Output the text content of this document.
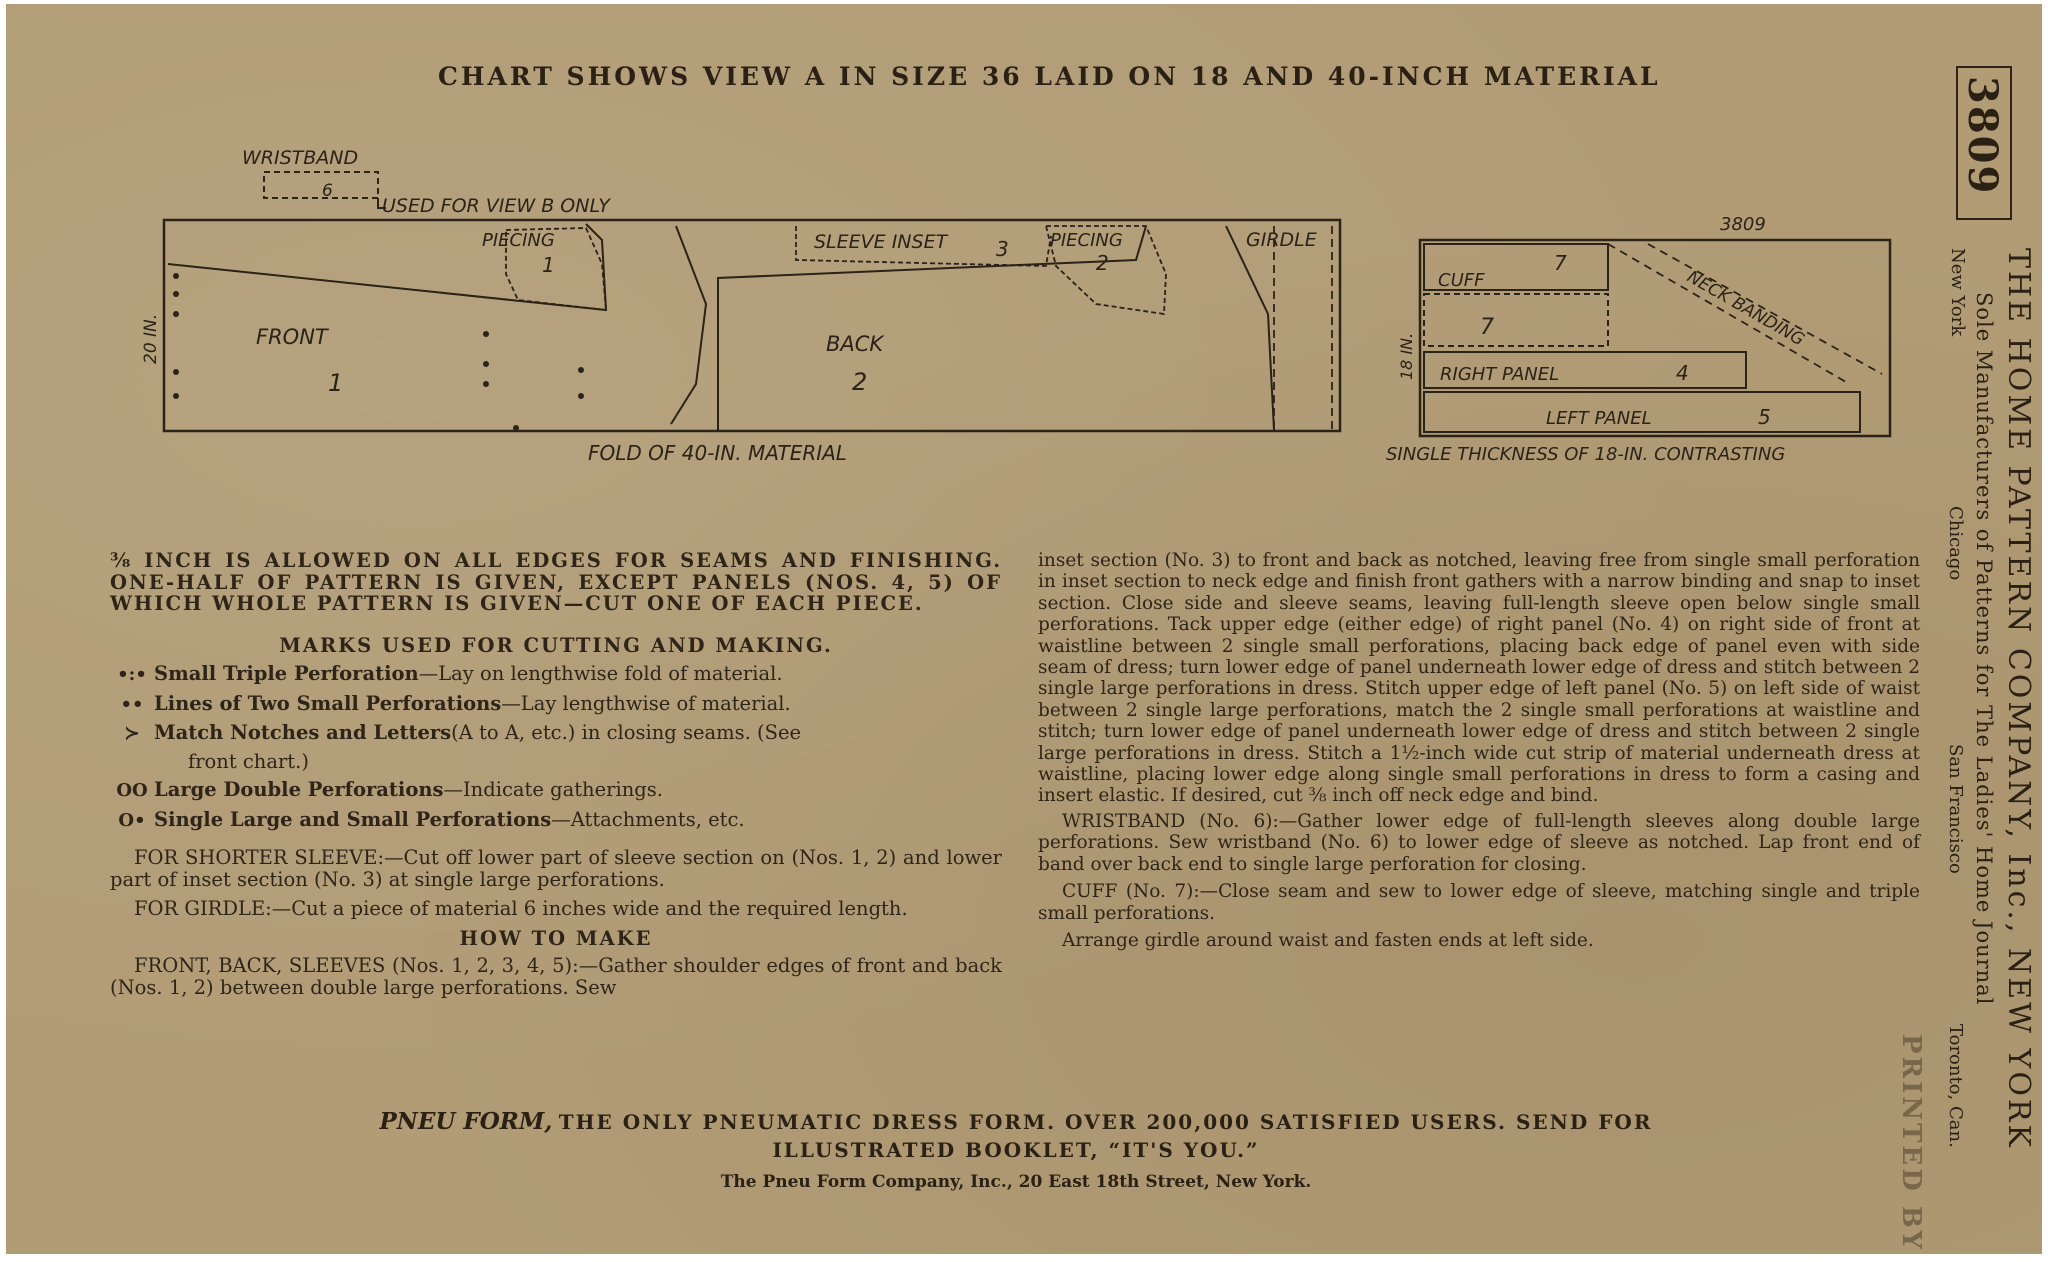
CHART SHOWS VIEW A IN SIZE 36 LAID ON 18 AND 40-INCH MATERIAL
WRISTBAND
6
USED FOR VIEW B ONLY
20 IN.	FRONT
1
PIECING
1
BACK
2
SLEEVE INSET 3 PIECING
2
GIRDLE
FOLD OF 40-IN. MATERIAL
3809
18 IN.
CUFF
7
7	NECK BANDING
RIGHT PANEL	4
LEFT PANEL	5
SINGLE THICKNESS OF 18-IN. CONTRASTING

⅜ INCH IS ALLOWED ON ALL EDGES FOR SEAMS AND FINISHING. ONE-HALF OF PATTERN IS GIVEN, EXCEPT PANELS (NOS. 4, 5) OF WHICH WHOLE PATTERN IS GIVEN—CUT ONE OF EACH PIECE.

MARKS USED FOR CUTTING AND MAKING.

•:• Small Triple Perforation —Lay on lengthwise fold of material.
•• Lines of Two Small Perforations —Lay lengthwise of material.
≻ Match Notches and Letters (A to A, etc.) in closing seams. (See
front chart.)
OO Large Double Perforations —Indicate gatherings.
O• Single Large and Small Perforations —Attachments, etc.

FOR SHORTER SLEEVE:—Cut off lower part of sleeve section on (Nos. 1, 2) and lower part of inset section (No. 3) at single large perforations.

FOR GIRDLE:—Cut a piece of material 6 inches wide and the required length.

HOW TO MAKE

FRONT, BACK, SLEEVES (Nos. 1, 2, 3, 4, 5):—Gather shoulder edges of front and back (Nos. 1, 2) between double large perforations. Sew

inset section (No. 3) to front and back as notched, leaving free from single small perforation in inset section to neck edge and finish front gathers with a narrow binding and snap to inset section. Close side and sleeve seams, leaving full-length sleeve open below single small perforations. Tack upper edge (either edge) of right panel (No. 4) on right side of front at waistline between 2 single small perforations, placing back edge of panel even with side seam of dress; turn lower edge of panel underneath lower edge of dress and stitch between 2 single large perforations in dress. Stitch upper edge of left panel (No. 5) on left side of waist between 2 single large perforations, match the 2 single small perforations at waistline and stitch; turn lower edge of panel underneath lower edge of dress and stitch between 2 single large perforations in dress. Stitch a 1½-inch wide cut strip of material underneath dress at waistline, placing lower edge along single small perforations in dress to form a casing and insert elastic. If desired, cut ⅜ inch off neck edge and bind.

WRISTBAND (No. 6):—Gather lower edge of full-length sleeves along double large perforations. Sew wristband (No. 6) to lower edge of sleeve as notched. Lap front end of band over back end to single large perforation for closing.

CUFF (No. 7):—Close seam and sew to lower edge of sleeve, matching single and triple small perforations.

Arrange girdle around waist and fasten ends at left side.

PNEU FORM, THE ONLY PNEUMATIC DRESS FORM. OVER 200,000 SATISFIED USERS. SEND FOR
ILLUSTRATED BOOKLET, “IT'S YOU.”
The Pneu Form Company, Inc., 20 East 18th Street, New York.
3809
THE HOME PATTERN COMPANY, Inc., NEW YORK
Sole Manufacturers of Patterns for The Ladies' Home Journal
New York
Chicago
San Francisco
Toronto, Can.
PRINTED BY
